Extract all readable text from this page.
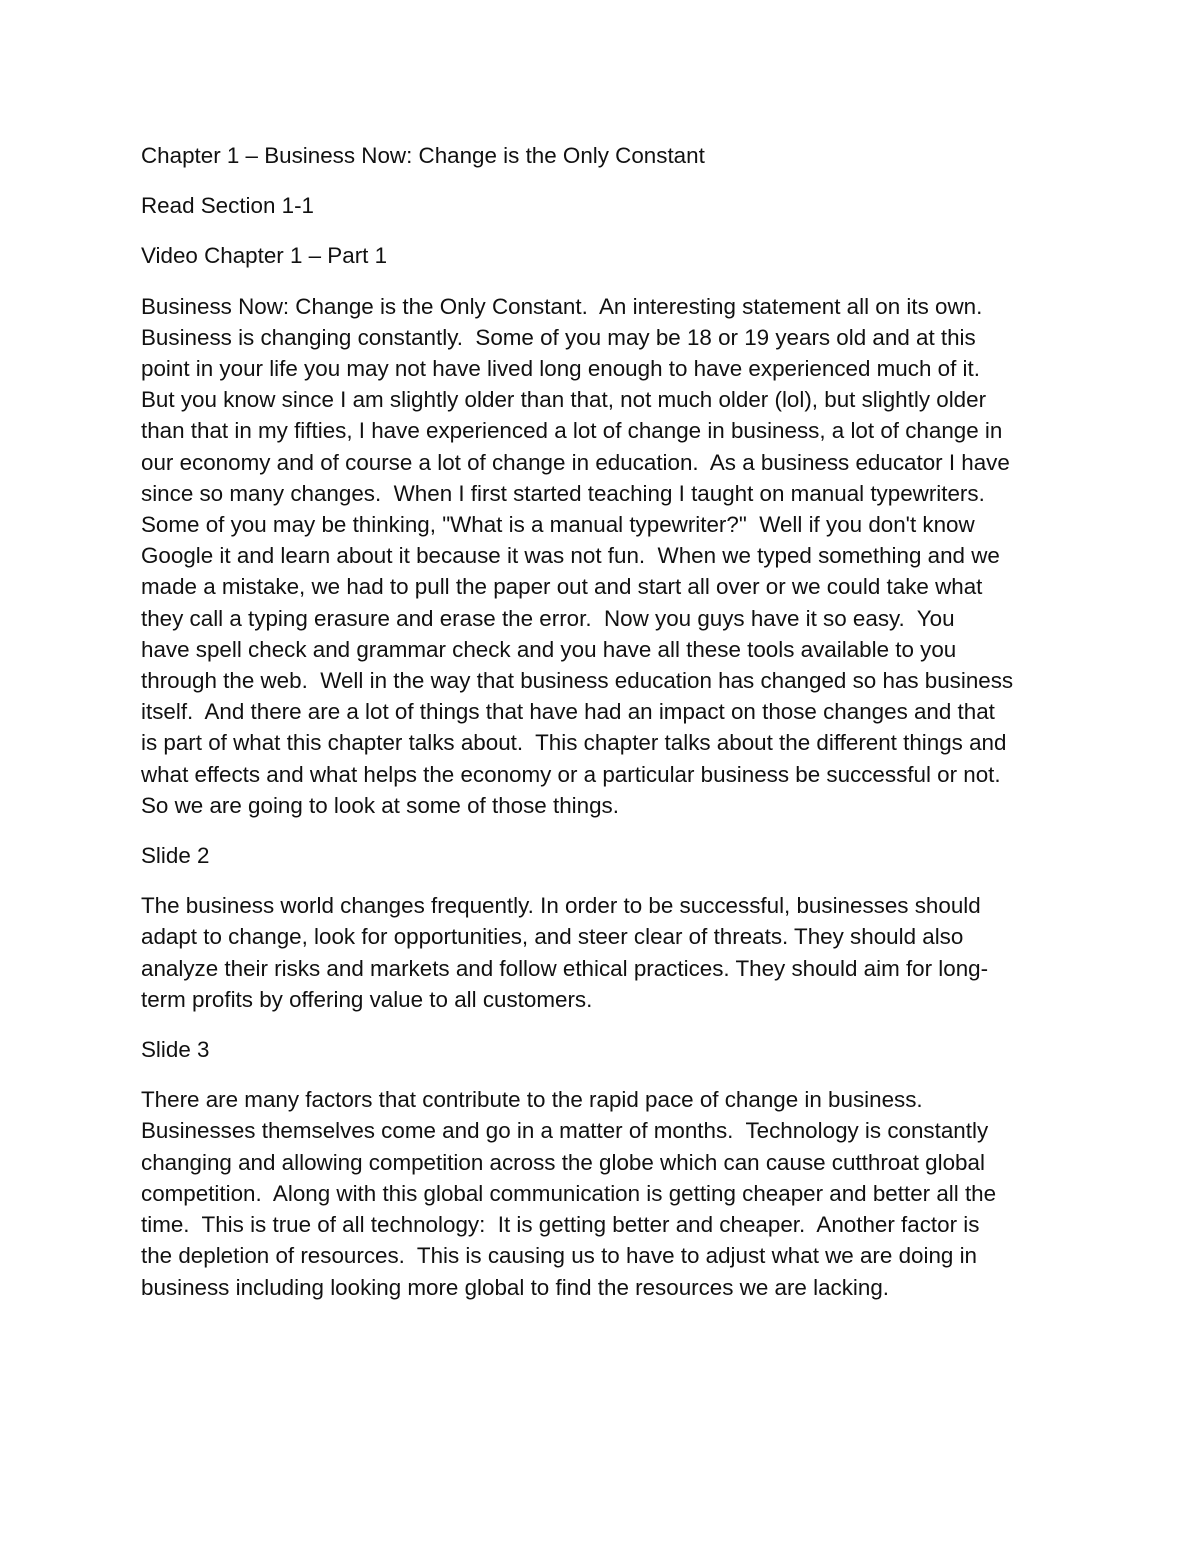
Chapter 1 – Business Now: Change is the Only Constant

Read Section 1-1

Video Chapter 1 – Part 1

Business Now: Change is the Only Constant.  An interesting statement all on its own.
Business is changing constantly.  Some of you may be 18 or 19 years old and at this
point in your life you may not have lived long enough to have experienced much of it.
But you know since I am slightly older than that, not much older (lol), but slightly older
than that in my fifties, I have experienced a lot of change in business, a lot of change in
our economy and of course a lot of change in education.  As a business educator I have
since so many changes.  When I first started teaching I taught on manual typewriters.
Some of you may be thinking, "What is a manual typewriter?"  Well if you don't know
Google it and learn about it because it was not fun.  When we typed something and we
made a mistake, we had to pull the paper out and start all over or we could take what
they call a typing erasure and erase the error.  Now you guys have it so easy.  You
have spell check and grammar check and you have all these tools available to you
through the web.  Well in the way that business education has changed so has business
itself.  And there are a lot of things that have had an impact on those changes and that
is part of what this chapter talks about.  This chapter talks about the different things and
what effects and what helps the economy or a particular business be successful or not.
So we are going to look at some of those things.

Slide 2

The business world changes frequently. In order to be successful, businesses should
adapt to change, look for opportunities, and steer clear of threats. They should also
analyze their risks and markets and follow ethical practices. They should aim for long-
term profits by offering value to all customers.

Slide 3

There are many factors that contribute to the rapid pace of change in business.
Businesses themselves come and go in a matter of months.  Technology is constantly
changing and allowing competition across the globe which can cause cutthroat global
competition.  Along with this global communication is getting cheaper and better all the
time.  This is true of all technology:  It is getting better and cheaper.  Another factor is
the depletion of resources.  This is causing us to have to adjust what we are doing in
business including looking more global to find the resources we are lacking.
